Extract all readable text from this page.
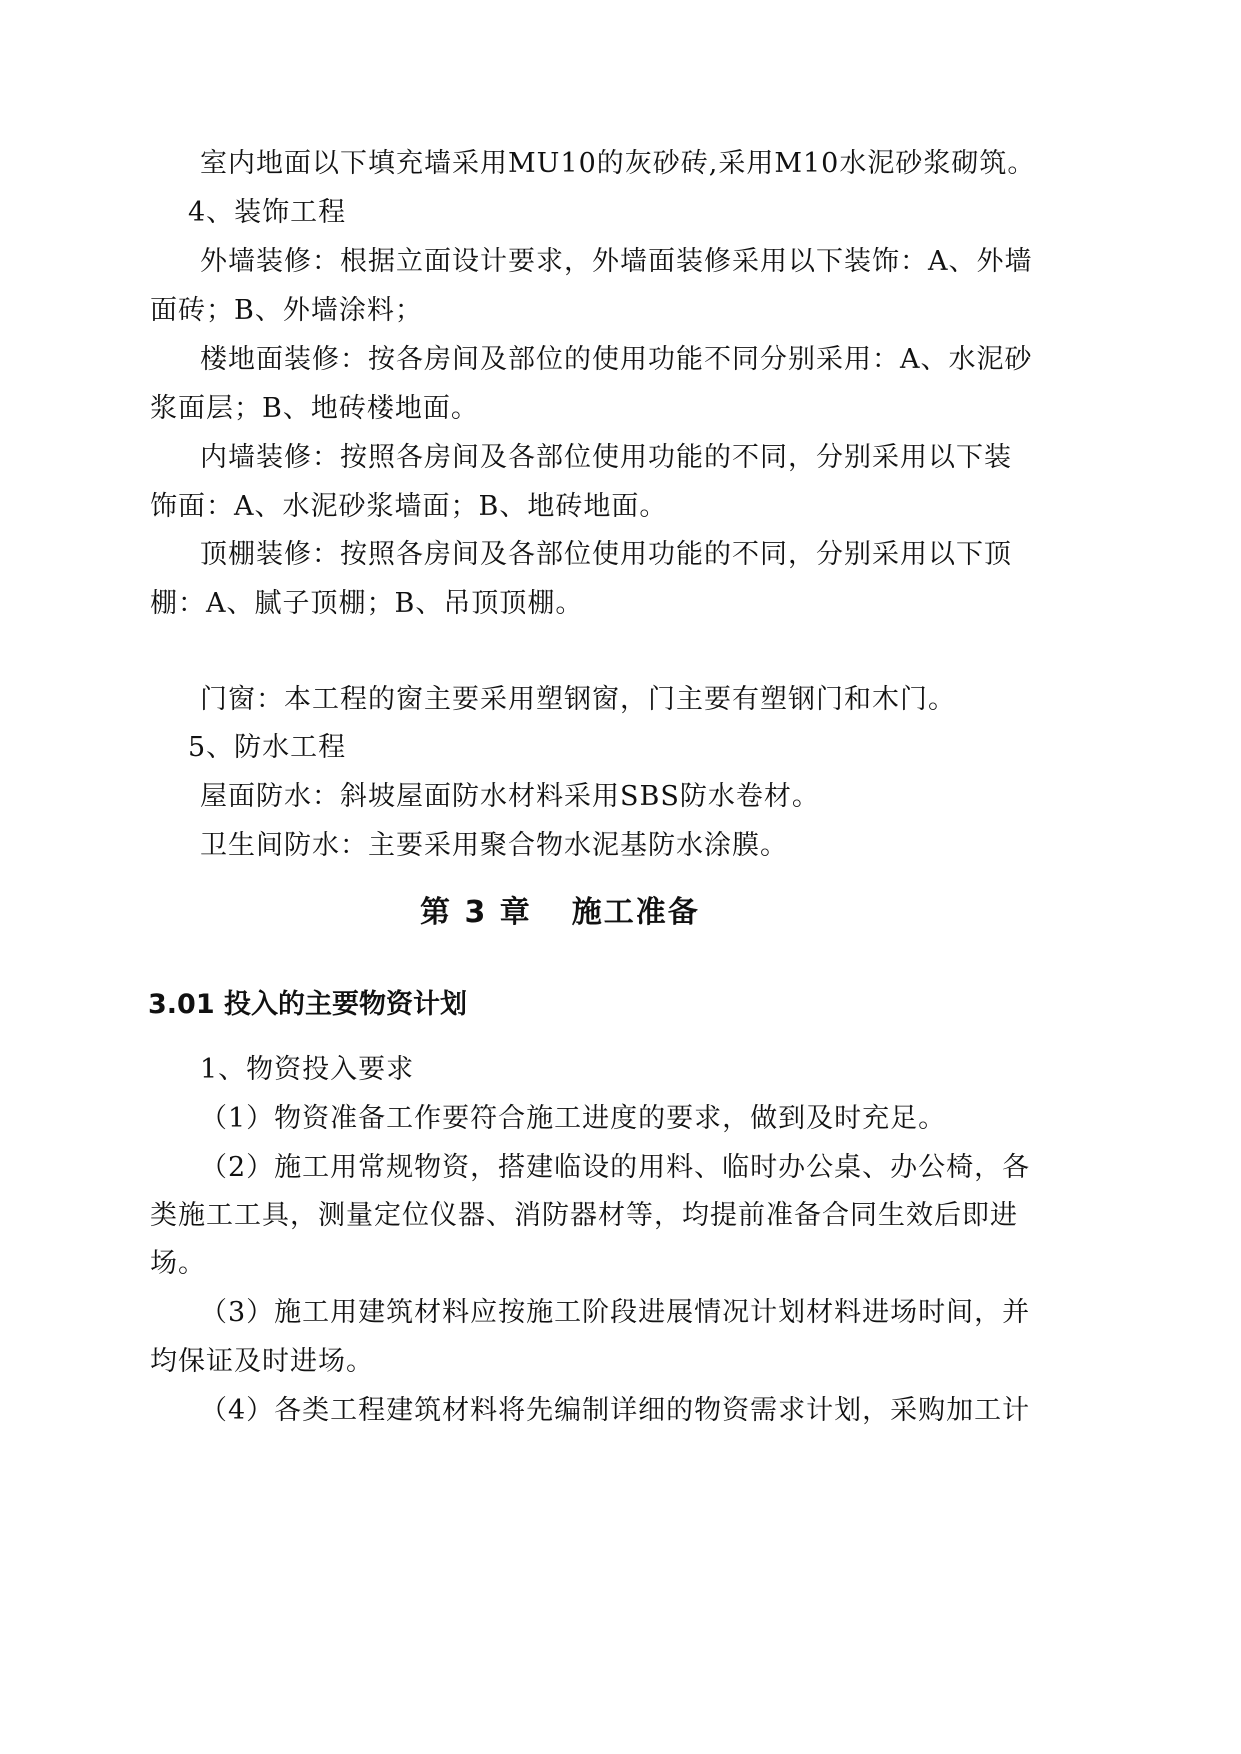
室内地面以下填充墙采用MU10的灰砂砖,采用M10水泥砂浆砌筑。
4、装饰工程
外墙装修：根据立面设计要求，外墙面装修采用以下装饰：A、外墙
面砖；B、外墙涂料；
楼地面装修：按各房间及部位的使用功能不同分别采用：A、水泥砂
浆面层；B、地砖楼地面。
内墙装修：按照各房间及各部位使用功能的不同，分别采用以下装
饰面：A、水泥砂浆墙面；B、地砖地面。
顶棚装修：按照各房间及各部位使用功能的不同，分别采用以下顶
棚：A、腻子顶棚；B、吊顶顶棚。
门窗：本工程的窗主要采用塑钢窗，门主要有塑钢门和木门。
5、防水工程
屋面防水：斜坡屋面防水材料采用SBS防水卷材。
卫生间防水：主要采用聚合物水泥基防水涂膜。
第 3 章 施工准备
3.01 投入的主要物资计划
1、物资投入要求
（1）物资准备工作要符合施工进度的要求，做到及时充足。
（2）施工用常规物资，搭建临设的用料、临时办公桌、办公椅，各
类施工工具，测量定位仪器、消防器材等，均提前准备合同生效后即进
场。
（3）施工用建筑材料应按施工阶段进展情况计划材料进场时间，并
均保证及时进场。
（4）各类工程建筑材料将先编制详细的物资需求计划，采购加工计
